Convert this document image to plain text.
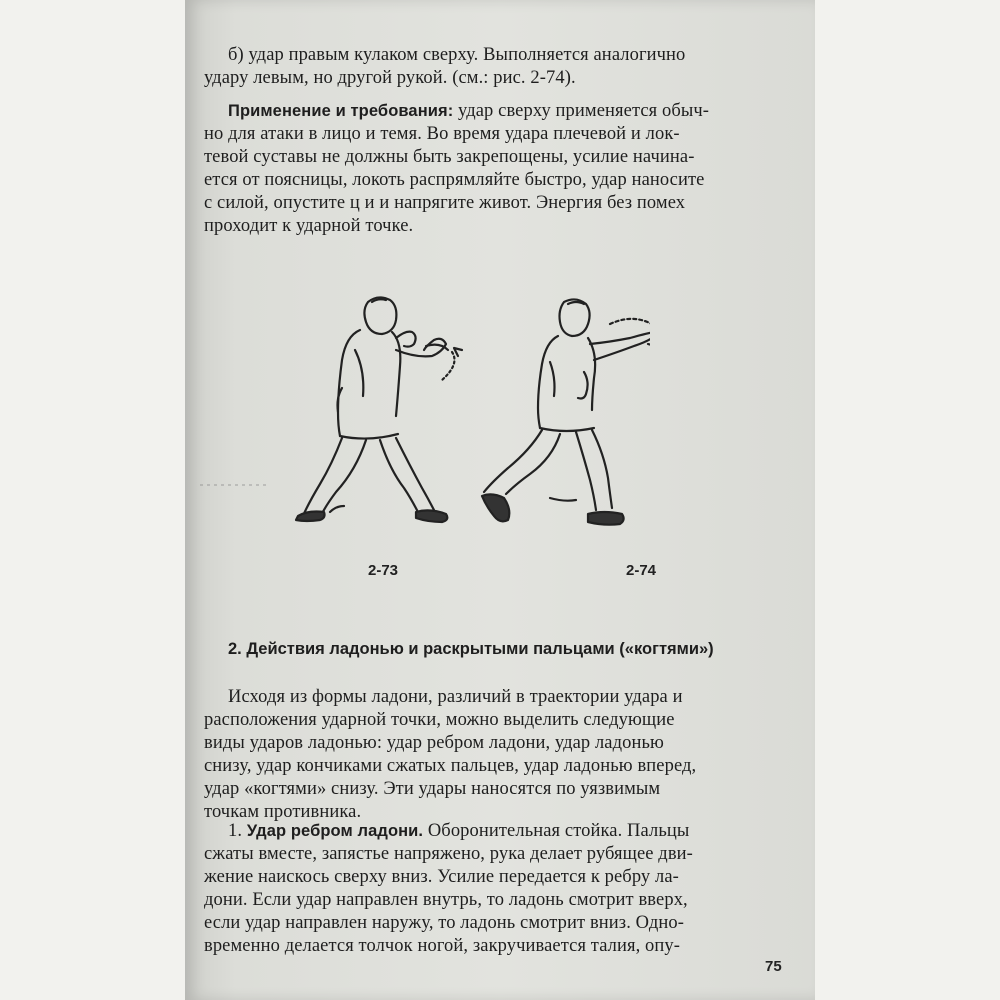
б) удар правым кулаком сверху. Выполняется аналогично
удару левым, но другой рукой. (см.: рис. 2-74).
Применение и требования: удар сверху применяется обыч-
но для атаки в лицо и темя. Во время удара плечевой и лок-
тевой суставы не должны быть закрепощены, усилие начина-
ется от поясницы, локоть распрямляйте быстро, удар наносите
с силой, опустите ц и и напрягите живот. Энергия без помех
проходит к ударной точке.
2-73	2-74
2. Действия ладонью и раскрытыми пальцами («когтями»)
Исходя из формы ладони, различий в траектории удара и
расположения ударной точки, можно выделить следующие
виды ударов ладонью: удар ребром ладони, удар ладонью
снизу, удар кончиками сжатых пальцев, удар ладонью вперед,
удар «когтями» снизу. Эти удары наносятся по уязвимым
точкам противника.
1. Удар ребром ладони. Оборонительная стойка. Пальцы
сжаты вместе, запястье напряжено, рука делает рубящее дви-
жение наискось сверху вниз. Усилие передается к ребру ла-
дони. Если удар направлен внутрь, то ладонь смотрит вверх,
если удар направлен наружу, то ладонь смотрит вниз. Одно-
временно делается толчок ногой, закручивается талия, опу-
75
